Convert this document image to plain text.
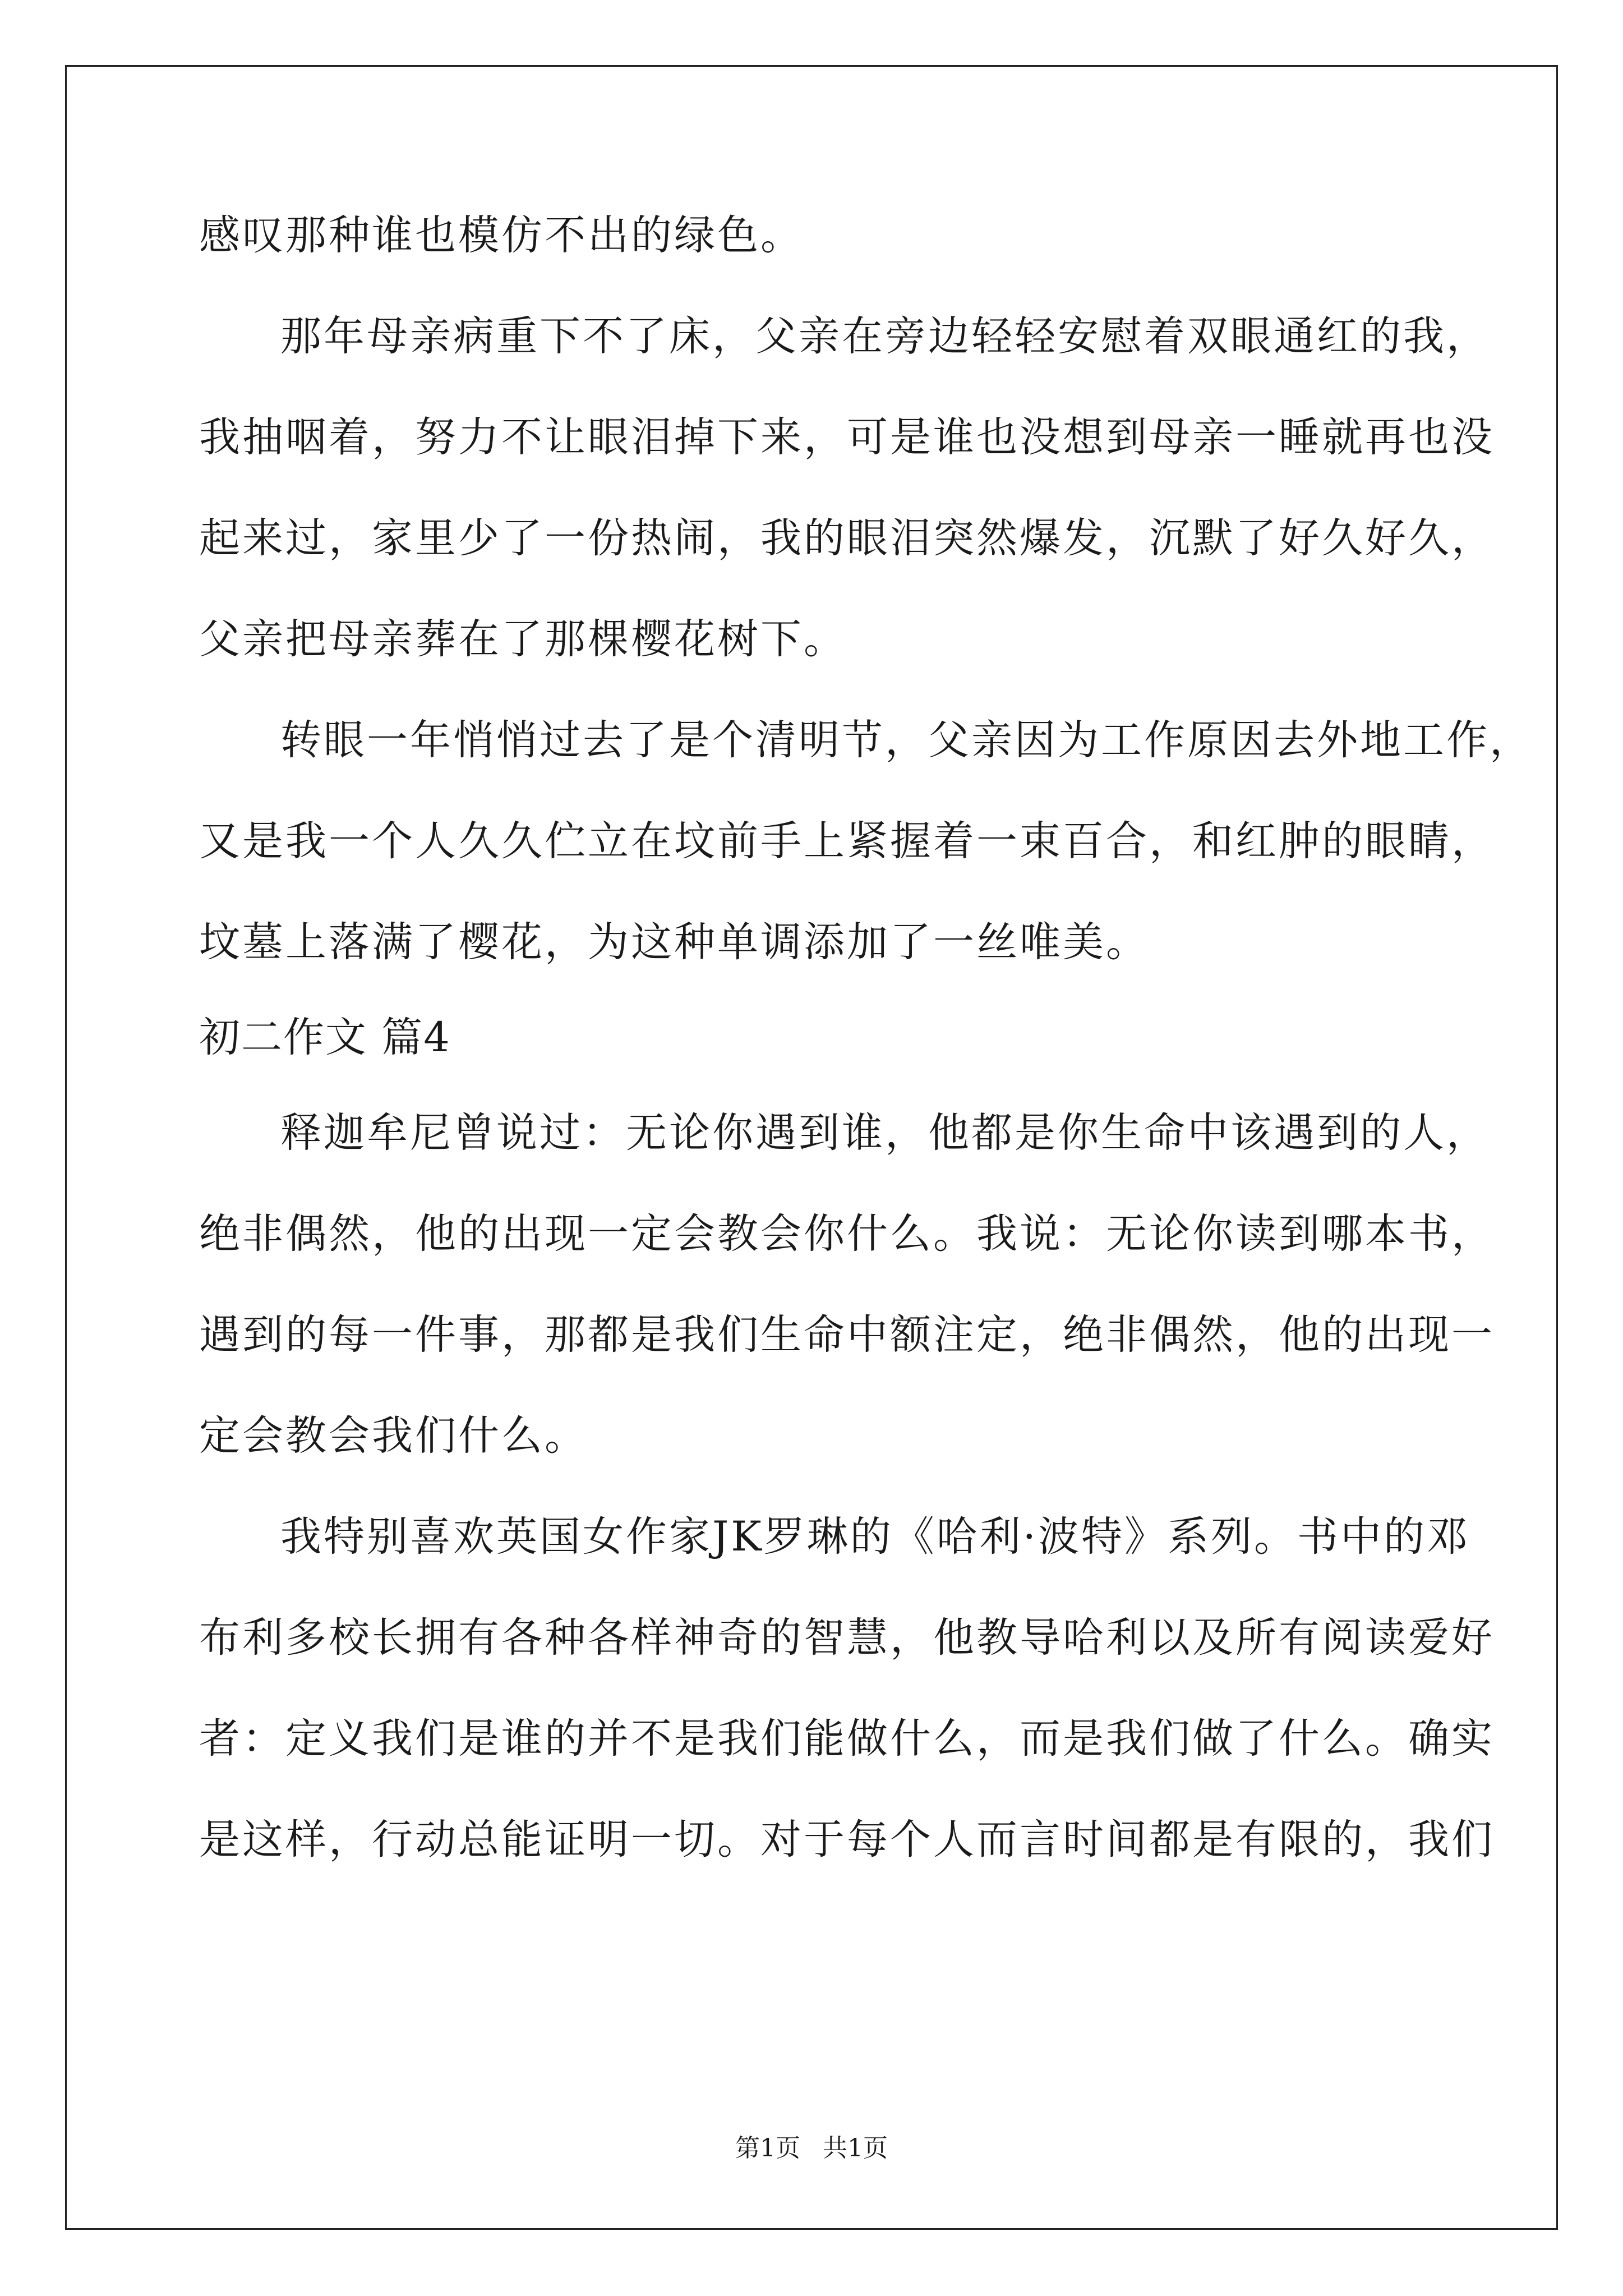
感叹那种谁也模仿不出的绿色。
那年母亲病重下不了床，父亲在旁边轻轻安慰着双眼通红的我，
我抽咽着，努力不让眼泪掉下来，可是谁也没想到母亲一睡就再也没
起来过，家里少了一份热闹，我的眼泪突然爆发，沉默了好久好久，
父亲把母亲葬在了那棵樱花树下。
转眼一年悄悄过去了是个清明节，父亲因为工作原因去外地工作，
又是我一个人久久伫立在坟前手上紧握着一束百合，和红肿的眼睛，
坟墓上落满了樱花，为这种单调添加了一丝唯美。
初二作文 篇4
释迦牟尼曾说过：无论你遇到谁，他都是你生命中该遇到的人，
绝非偶然，他的出现一定会教会你什么。我说：无论你读到哪本书，
遇到的每一件事，那都是我们生命中额注定，绝非偶然，他的出现一
定会教会我们什么。
我特别喜欢英国女作家JK罗琳的《哈利·波特》系列。书中的邓
布利多校长拥有各种各样神奇的智慧，他教导哈利以及所有阅读爱好
者：定义我们是谁的并不是我们能做什么，而是我们做了什么。确实
是这样，行动总能证明一切。对于每个人而言时间都是有限的，我们
第1页 共1页
